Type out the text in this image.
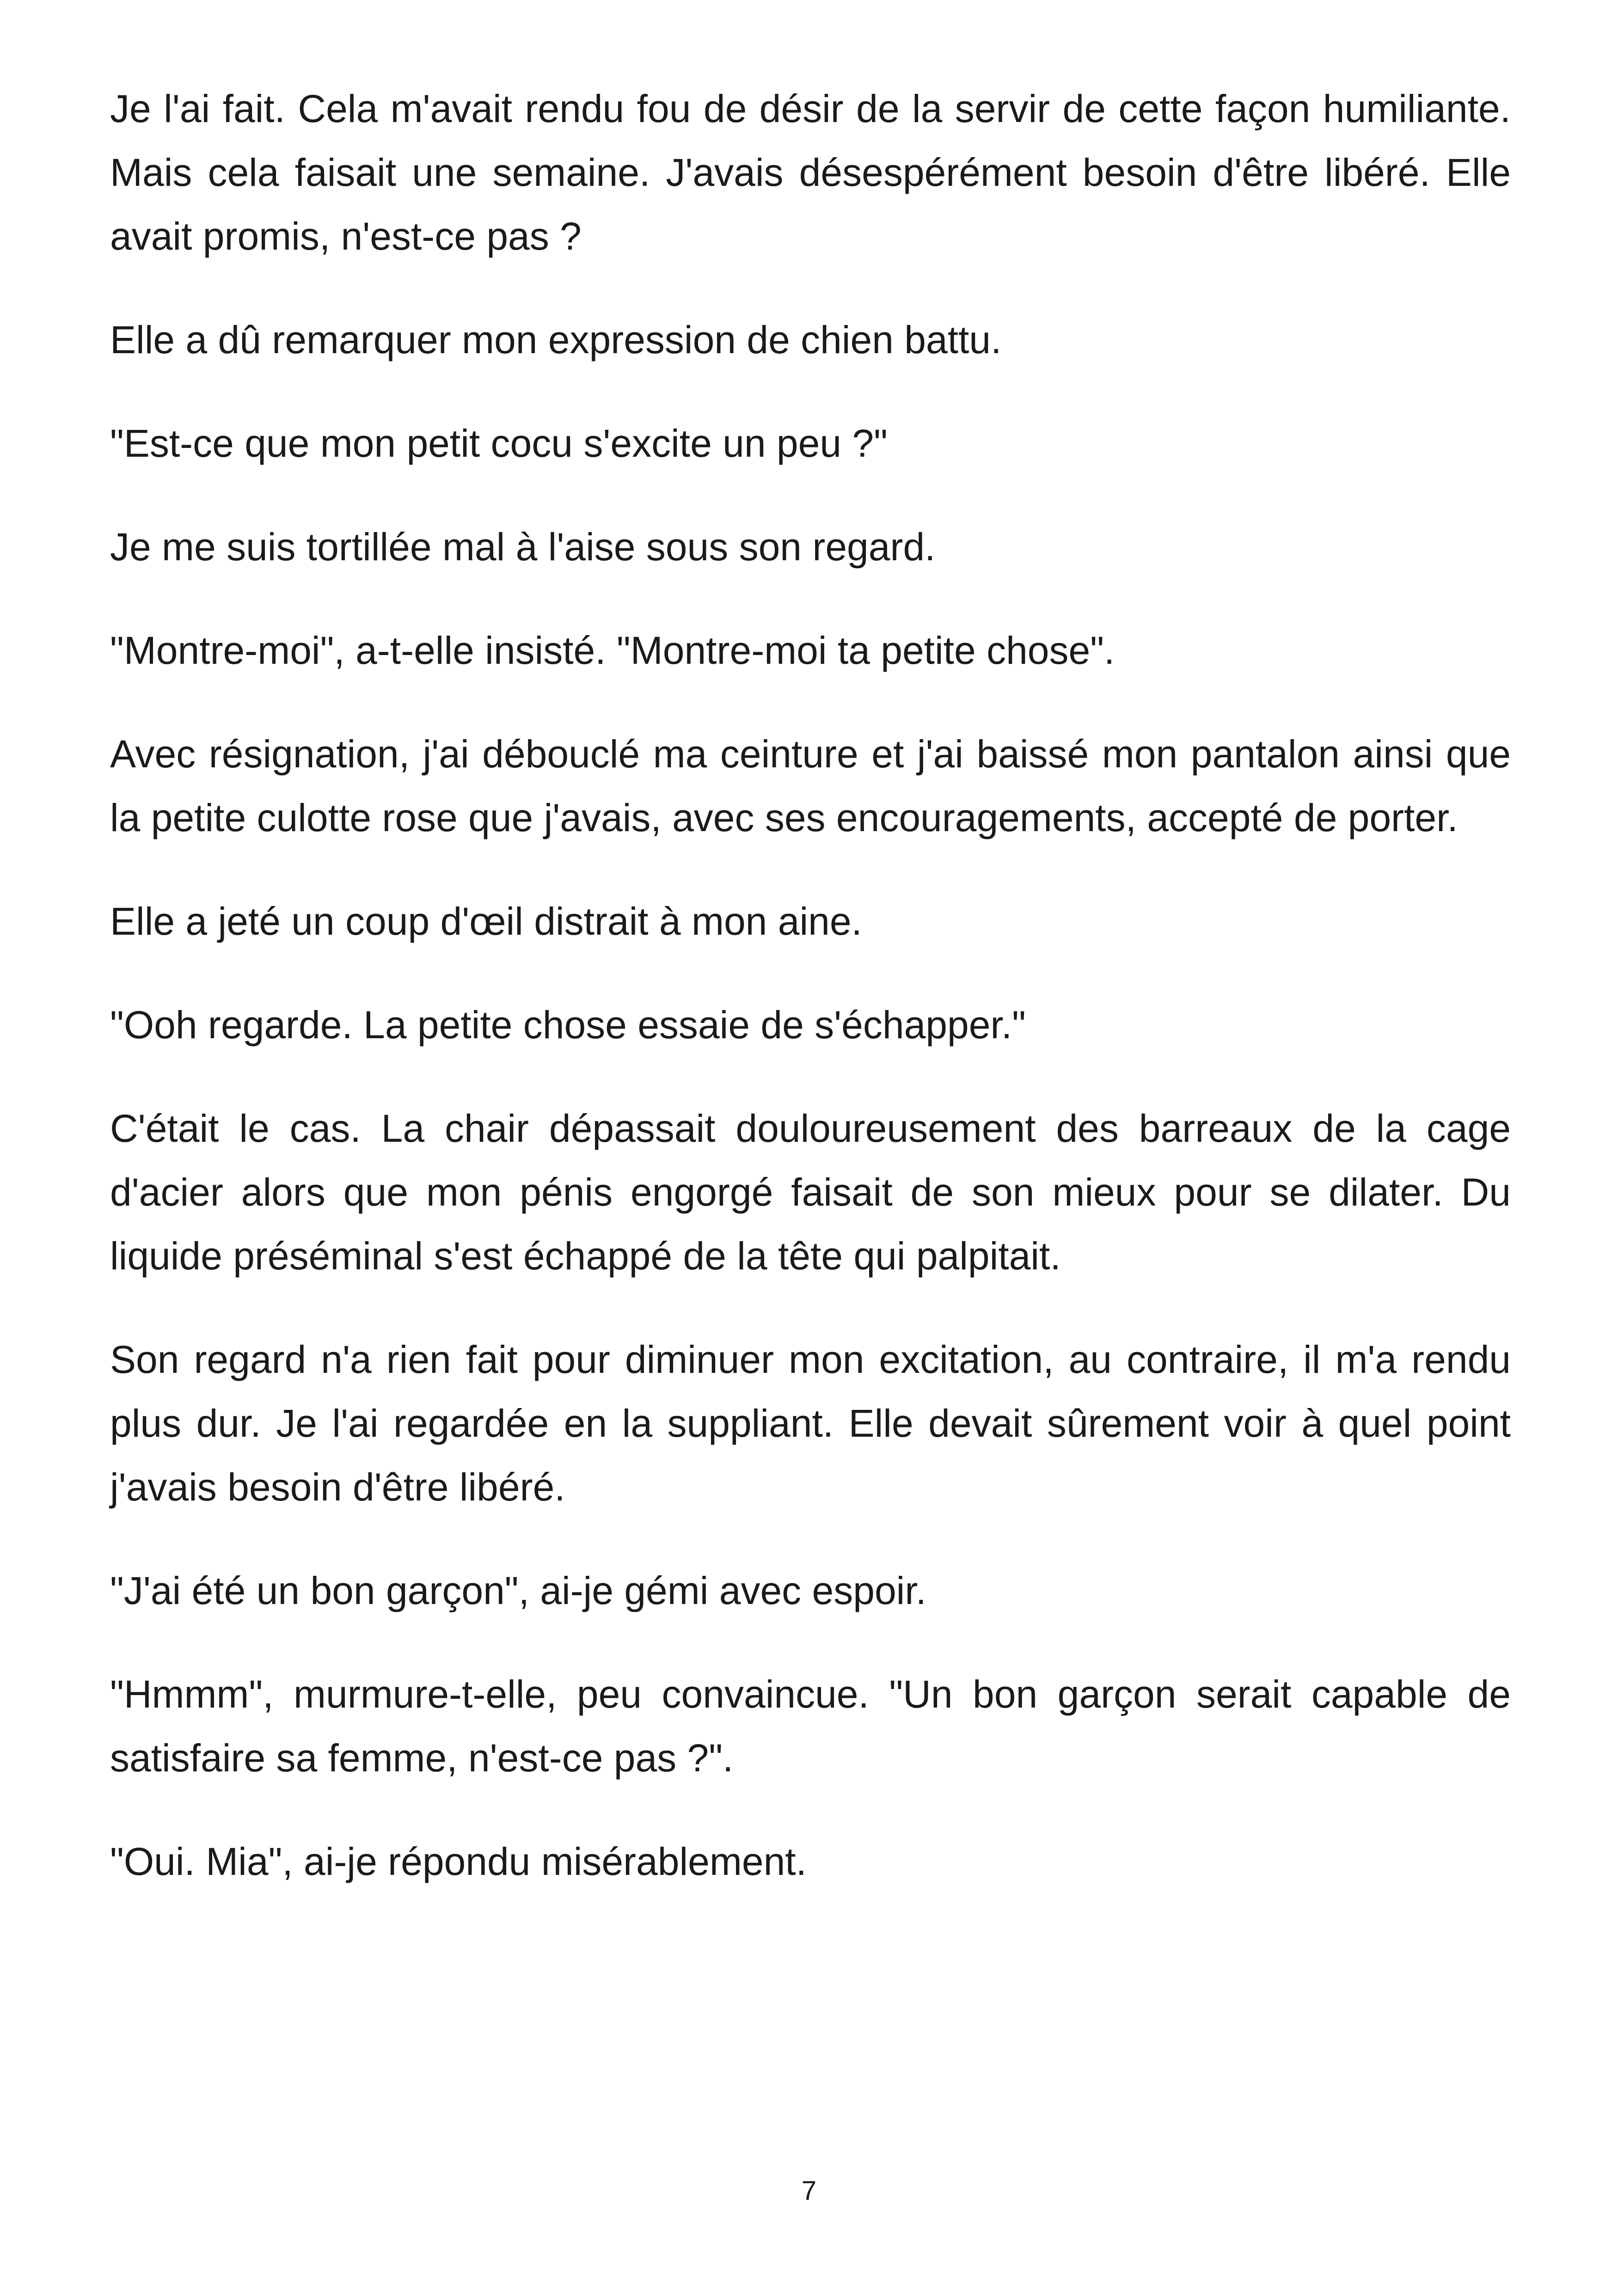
Je l'ai fait. Cela m'avait rendu fou de désir de la servir de cette façon humiliante. Mais cela faisait une semaine. J'avais désespérément besoin d'être libéré. Elle avait promis, n'est-ce pas ?

Elle a dû remarquer mon expression de chien battu.

"Est-ce que mon petit cocu s'excite un peu ?"

Je me suis tortillée mal à l'aise sous son regard.

"Montre-moi", a-t-elle insisté. "Montre-moi ta petite chose".

Avec résignation, j'ai débouclé ma ceinture et j'ai baissé mon pantalon ainsi que la petite culotte rose que j'avais, avec ses encouragements, accepté de porter.

Elle a jeté un coup d'œil distrait à mon aine.

"Ooh regarde. La petite chose essaie de s'échapper."

C'était le cas. La chair dépassait douloureusement des barreaux de la cage d'acier alors que mon pénis engorgé faisait de son mieux pour se dilater. Du liquide préséminal s'est échappé de la tête qui palpitait.

Son regard n'a rien fait pour diminuer mon excitation, au contraire, il m'a rendu plus dur. Je l'ai regardée en la suppliant. Elle devait sûrement voir à quel point j'avais besoin d'être libéré.

"J'ai été un bon garçon", ai-je gémi avec espoir.

"Hmmm", murmure-t-elle, peu convaincue. "Un bon garçon serait capable de satisfaire sa femme, n'est-ce pas ?".

"Oui. Mia", ai-je répondu misérablement.

7
